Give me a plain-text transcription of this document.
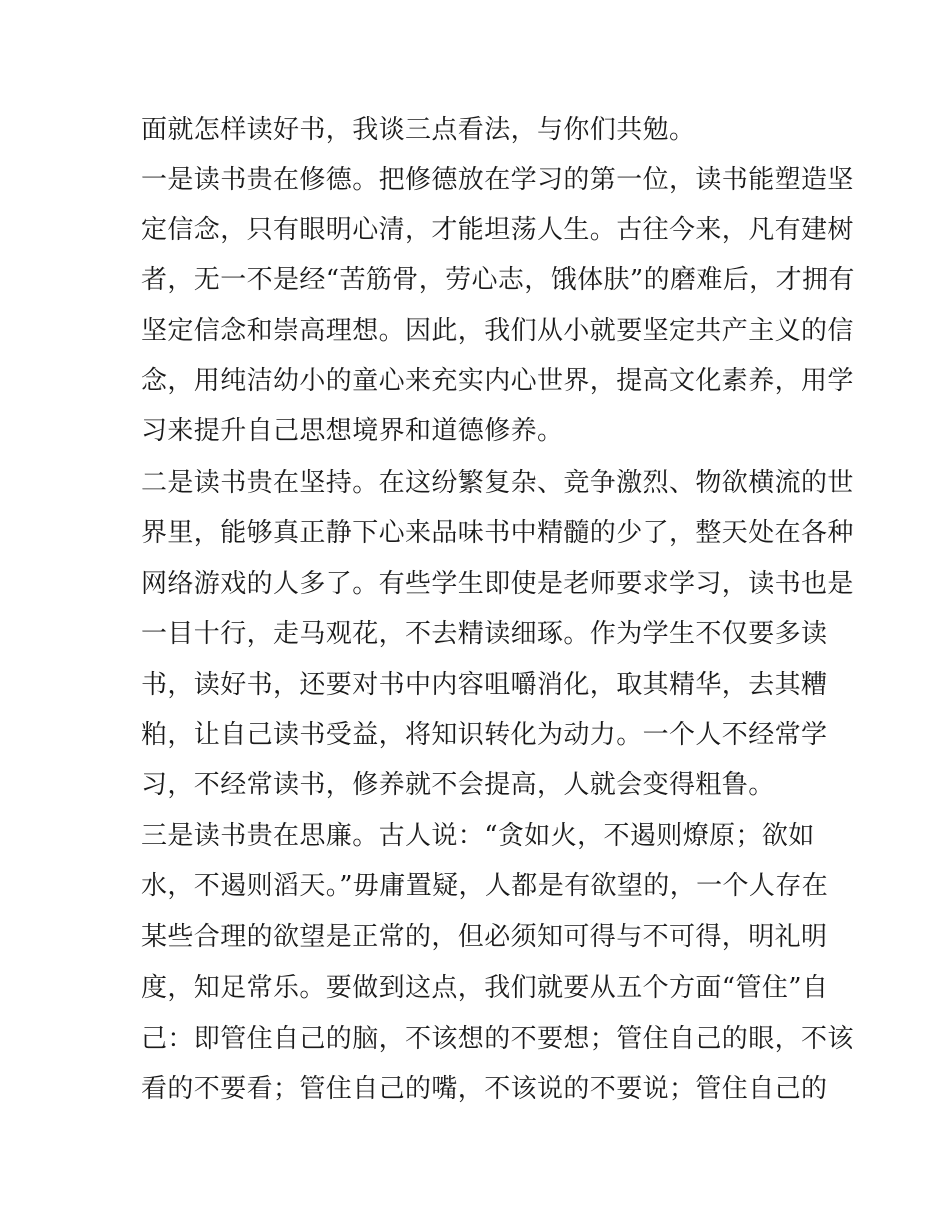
面就怎样读好书，我谈三点看法，与你们共勉。
一是读书贵在修德。把修德放在学习的第一位，读书能塑造坚
定信念，只有眼明心清，才能坦荡人生。古往今来，凡有建树
者，无一不是经“苦筋骨，劳心志，饿体肤”的磨难后，才拥有
坚定信念和崇高理想。因此，我们从小就要坚定共产主义的信
念，用纯洁幼小的童心来充实内心世界，提高文化素养，用学
习来提升自己思想境界和道德修养。
二是读书贵在坚持。在这纷繁复杂、竞争激烈、物欲横流的世
界里，能够真正静下心来品味书中精髓的少了，整天处在各种
网络游戏的人多了。有些学生即使是老师要求学习，读书也是
一目十行，走马观花，不去精读细琢。作为学生不仅要多读
书，读好书，还要对书中内容咀嚼消化，取其精华，去其糟
粕，让自己读书受益，将知识转化为动力。一个人不经常学
习，不经常读书，修养就不会提高，人就会变得粗鲁。
三是读书贵在思廉。古人说：“贪如火，不遏则燎原；欲如
水，不遏则滔天。”毋庸置疑，人都是有欲望的，一个人存在
某些合理的欲望是正常的，但必须知可得与不可得，明礼明
度，知足常乐。要做到这点，我们就要从五个方面“管住”自
己：即管住自己的脑，不该想的不要想；管住自己的眼，不该
看的不要看；管住自己的嘴，不该说的不要说；管住自己的
